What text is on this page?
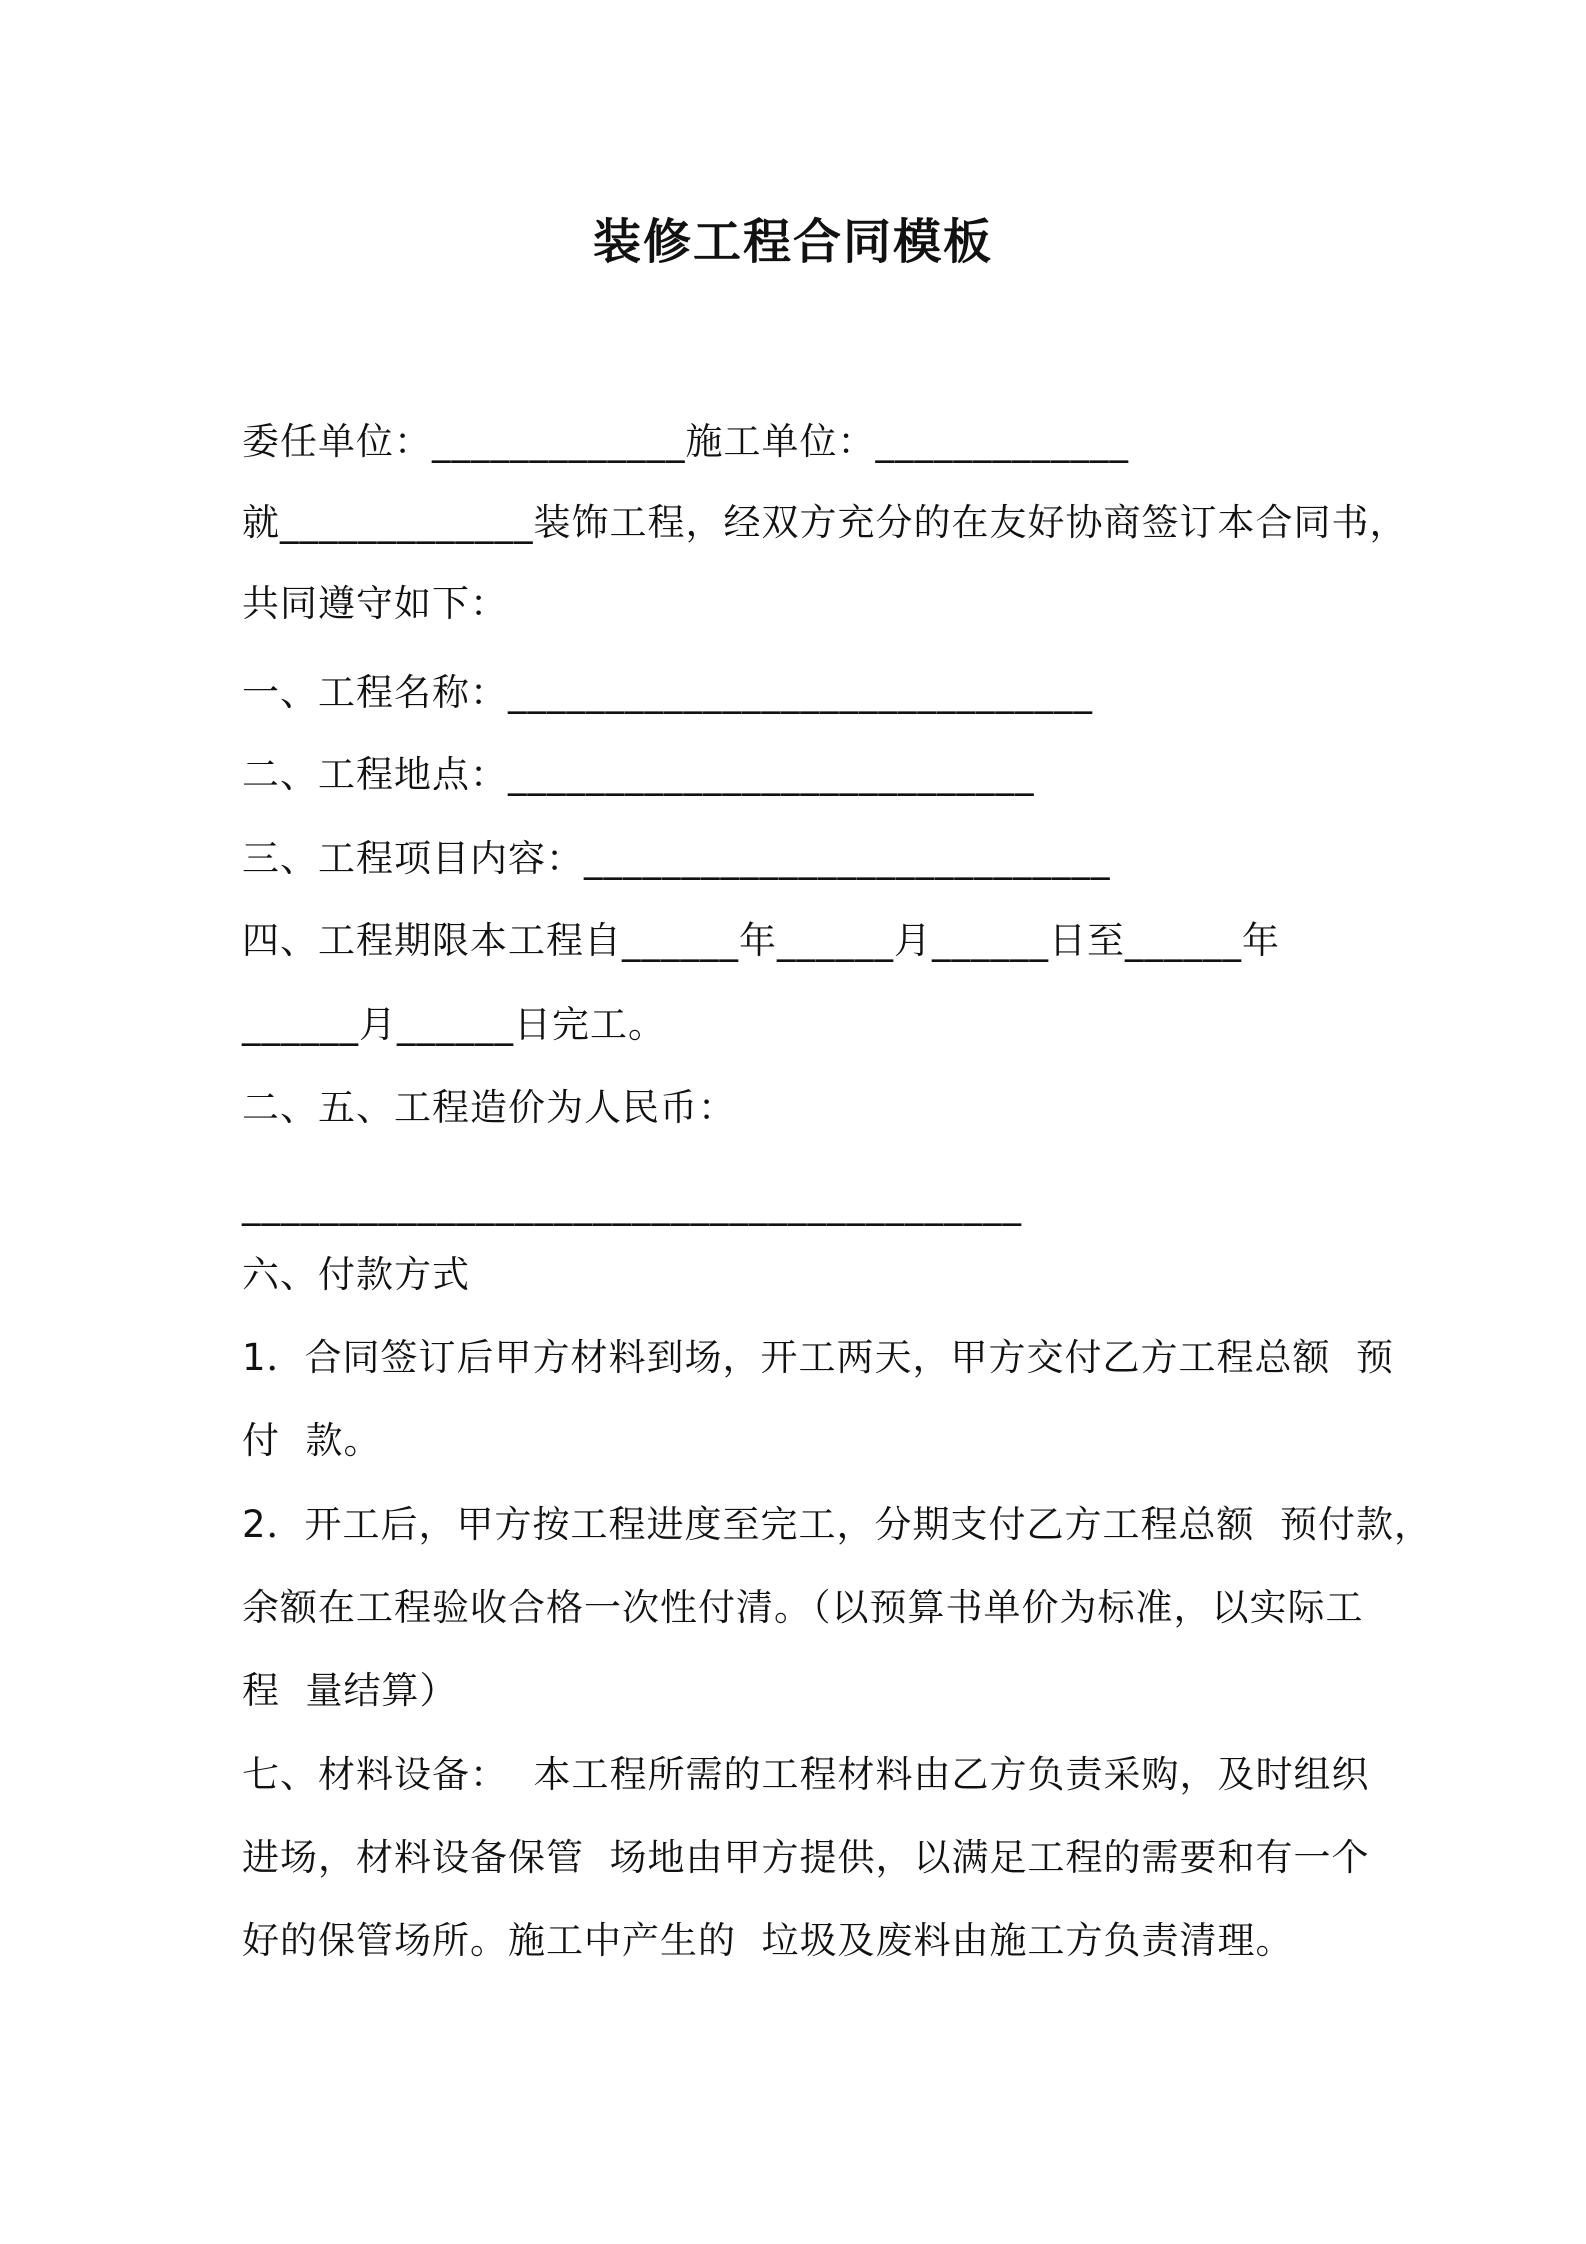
装修工程合同模板
委任单位：_____________施工单位：_____________
就_____________装饰工程，经双方充分的在友好协商签订本合同书，
共同遵守如下：
一、工程名称：______________________________
二、工程地点：___________________________
三、工程项目内容：___________________________
四、工程期限本工程自______年______月______日至______年
______月______日完工。
二、五、工程造价为人民币：
________________________________________
六、付款方式
1．合同签订后甲方材料到场，开工两天，甲方交付乙方工程总额  预
付  款。
2．开工后，甲方按工程进度至完工，分期支付乙方工程总额  预付款，
余额在工程验收合格一次性付清。（以预算书单价为标准，以实际工
程  量结算）
七、材料设备：  本工程所需的工程材料由乙方负责采购，及时组织
进场，材料设备保管  场地由甲方提供，以满足工程的需要和有一个
好的保管场所。施工中产生的  垃圾及废料由施工方负责清理。
